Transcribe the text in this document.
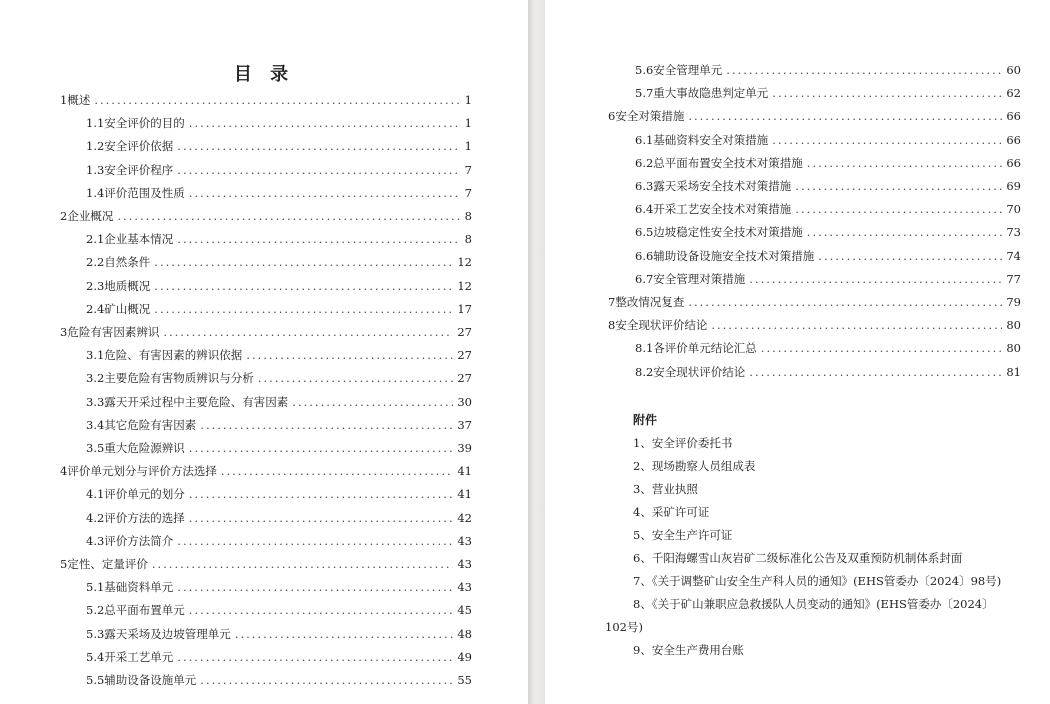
目 录
1概述 .....	1
1.1安全评价的目的 .....	1
1.2安全评价依据 .....	1
1.3安全评价程序 .....	7
1.4评价范围及性质 .....	7
2企业概况 .....	8
2.1企业基本情况 .....	8
2.2自然条件 .....	12
2.3地质概况 .....	12
2.4矿山概况 .....	17
3危险有害因素辨识 .....	27
3.1危险、有害因素的辨识依据 .....	27
3.2主要危险有害物质辨识与分析 .....	27
3.3露天开采过程中主要危险、有害因素 .....	30
3.4其它危险有害因素 .....	37
3.5重大危险源辨识 .....	39
4评价单元划分与评价方法选择 .....	41
4.1评价单元的划分 .....	41
4.2评价方法的选择 .....	42
4.3评价方法简介 .....	43
5定性、定量评价 .....	43
5.1基础资料单元 .....	43
5.2总平面布置单元 .....	45
5.3露天采场及边坡管理单元 .....	48
5.4开采工艺单元 .....	49
5.5辅助设备设施单元 .....	55
5.6安全管理单元 .....	60
5.7重大事故隐患判定单元 .....	62
6安全对策措施 .....	66
6.1基础资料安全对策措施 .....	66
6.2总平面布置安全技术对策措施 .....	66
6.3露天采场安全技术对策措施 .....	69
6.4开采工艺安全技术对策措施 .....	70
6.5边坡稳定性安全技术对策措施 .....	73
6.6辅助设备设施安全技术对策措施 .....	74
6.7安全管理对策措施 .....	77
7整改情况复查 .....	79
8安全现状评价结论 .....	80
8.1各评价单元结论汇总 .....	80
8.2安全现状评价结论 .....	81
附件
1、安全评价委托书
2、现场勘察人员组成表
3、营业执照
4、采矿许可证
5、安全生产许可证
6、千阳海螺雪山灰岩矿二级标准化公告及双重预防机制体系封面
7、《关于调整矿山安全生产科人员的通知》(EHS管委办〔2024〕98号)
8、《关于矿山兼职应急救援队人员变动的通知》(EHS管委办〔2024〕
102号)
9、安全生产费用台账
